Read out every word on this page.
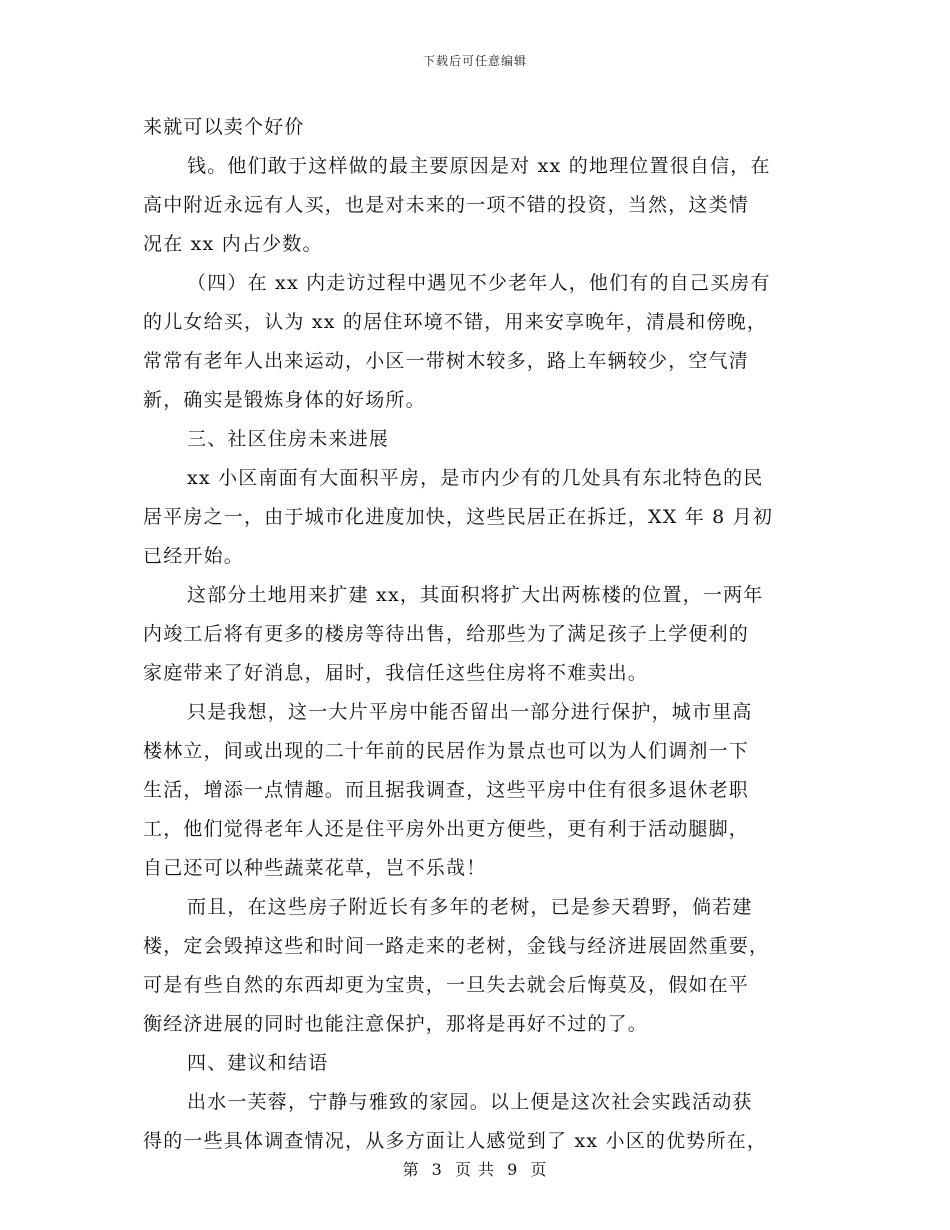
下载后可任意编辑
来就可以卖个好价
钱。他们敢于这样做的最主要原因是对 xx 的地理位置很自信，在
高中附近永远有人买，也是对未来的一项不错的投资，当然，这类情
况在 xx 内占少数。
（四）在 xx 内走访过程中遇见不少老年人，他们有的自己买房有
的儿女给买，认为 xx 的居住环境不错，用来安享晚年，清晨和傍晚，
常常有老年人出来运动，小区一带树木较多，路上车辆较少，空气清
新，确实是锻炼身体的好场所。
三、社区住房未来进展
xx 小区南面有大面积平房，是市内少有的几处具有东北特色的民
居平房之一，由于城市化进度加快，这些民居正在拆迁，XX 年 8 月初
已经开始。
这部分土地用来扩建 xx，其面积将扩大出两栋楼的位置，一两年
内竣工后将有更多的楼房等待出售，给那些为了满足孩子上学便利的
家庭带来了好消息，届时，我信任这些住房将不难卖出。
只是我想，这一大片平房中能否留出一部分进行保护，城市里高
楼林立，间或出现的二十年前的民居作为景点也可以为人们调剂一下
生活，增添一点情趣。而且据我调查，这些平房中住有很多退休老职
工，他们觉得老年人还是住平房外出更方便些，更有利于活动腿脚，
自己还可以种些蔬菜花草，岂不乐哉！
而且，在这些房子附近长有多年的老树，已是参天碧野，倘若建
楼，定会毁掉这些和时间一路走来的老树，金钱与经济进展固然重要，
可是有些自然的东西却更为宝贵，一旦失去就会后悔莫及，假如在平
衡经济进展的同时也能注意保护，那将是再好不过的了。
四、建议和结语
出水一芙蓉，宁静与雅致的家园。以上便是这次社会实践活动获
得的一些具体调查情况，从多方面让人感觉到了 xx 小区的优势所在，
第 3 页 共 9 页
